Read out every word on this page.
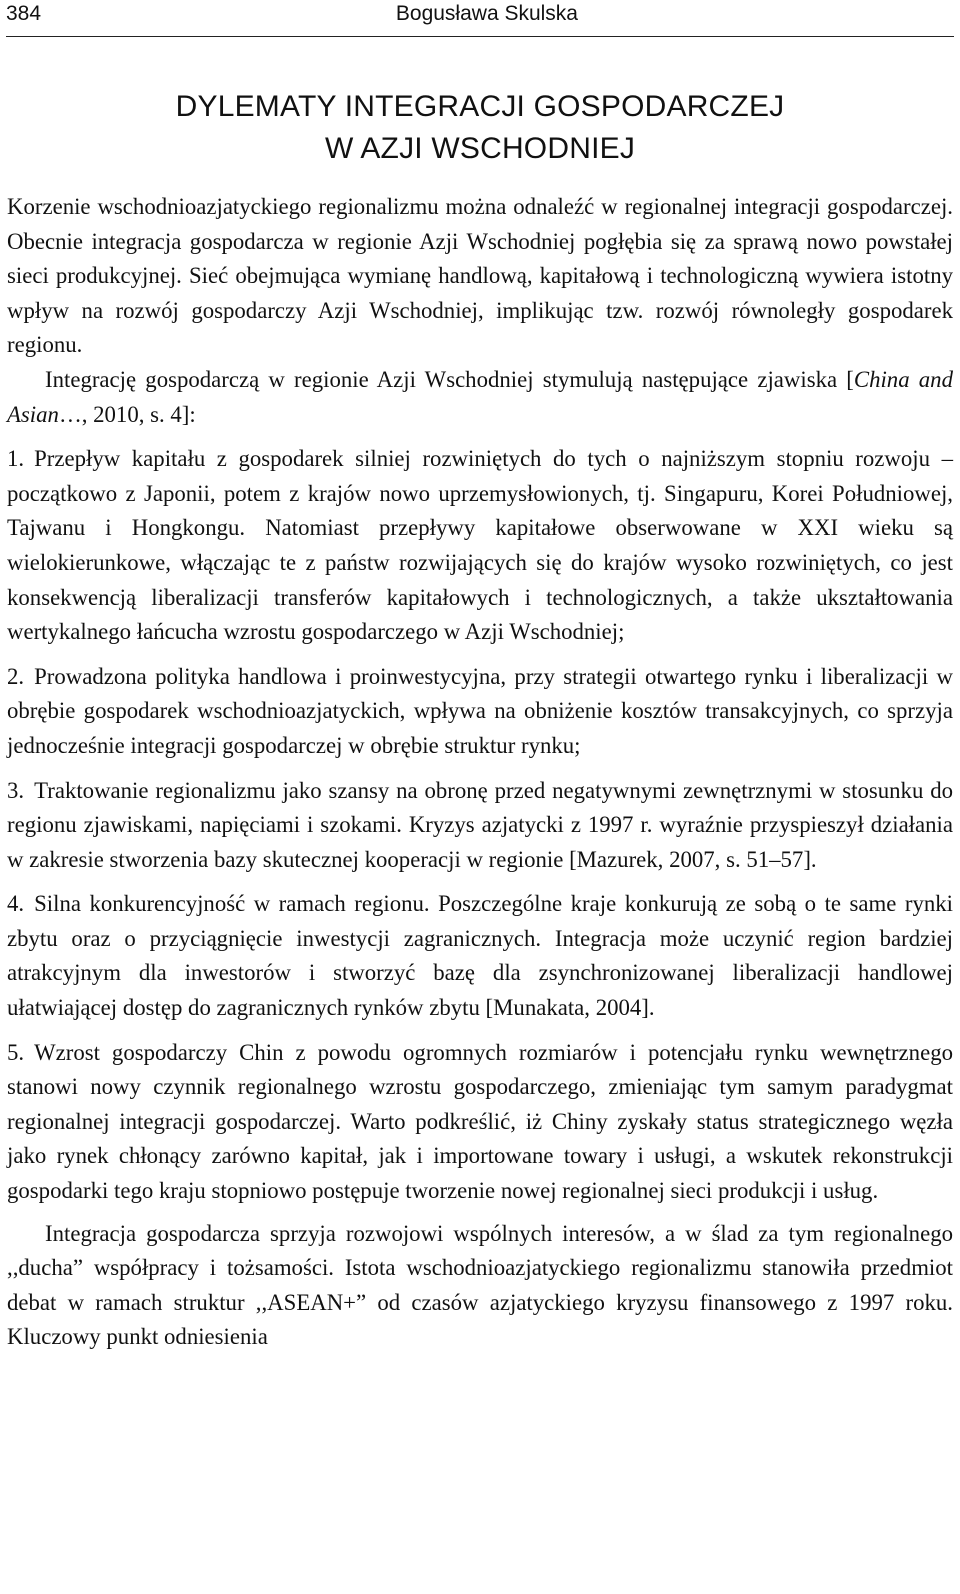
384	Bogusława Skulska
DYLEMATY INTEGRACJI GOSPODARCZEJ
W AZJI WSCHODNIEJ

Korzenie wschodnioazjatyckiego regionalizmu można odnaleźć w regionalnej integracji gospodarczej. Obecnie integracja gospodarcza w regionie Azji Wschodniej pogłębia się za sprawą nowo powstałej sieci produkcyjnej. Sieć obejmująca wymianę handlową, kapitałową i technologiczną wywiera istotny wpływ na rozwój gospodarczy Azji Wschodniej, implikując tzw. rozwój równoległy gospodarek regionu.

Integrację gospodarczą w regionie Azji Wschodniej stymulują następujące zjawiska [China and Asian…, 2010, s. 4]:

1. Przepływ kapitału z gospodarek silniej rozwiniętych do tych o najniższym stopniu rozwoju – początkowo z Japonii, potem z krajów nowo uprzemysłowionych, tj. Singapuru, Korei Południowej, Tajwanu i Hongkongu. Natomiast przepływy kapitałowe obserwowane w XXI wieku są wielokierunkowe, włączając te z państw rozwijających się do krajów wysoko rozwiniętych, co jest konsekwencją liberalizacji transferów kapitałowych i technologicznych, a także ukształtowania wertykalnego łańcucha wzrostu gospodarczego w Azji Wschodniej;

2. Prowadzona polityka handlowa i proinwestycyjna, przy strategii otwartego rynku i liberalizacji w obrębie gospodarek wschodnioazjatyckich, wpływa na obniżenie kosztów transakcyjnych, co sprzyja jednocześnie integracji gospodarczej w obrębie struktur rynku;

3. Traktowanie regionalizmu jako szansy na obronę przed negatywnymi zewnętrznymi w stosunku do regionu zjawiskami, napięciami i szokami. Kryzys azjatycki z 1997 r. wyraźnie przyspieszył działania w zakresie stworzenia bazy skutecznej kooperacji w regionie [Mazurek, 2007, s. 51–57].

4. Silna konkurencyjność w ramach regionu. Poszczególne kraje konkurują ze sobą o te same rynki zbytu oraz o przyciągnięcie inwestycji zagranicznych. Integracja może uczynić region bardziej atrakcyjnym dla inwestorów i stworzyć bazę dla zsynchronizowanej liberalizacji handlowej ułatwiającej dostęp do zagranicznych rynków zbytu [Munakata, 2004].

5. Wzrost gospodarczy Chin z powodu ogromnych rozmiarów i potencjału rynku wewnętrznego stanowi nowy czynnik regionalnego wzrostu gospodarczego, zmieniając tym samym paradygmat regionalnej integracji gospodarczej. Warto podkreślić, iż Chiny zyskały status strategicznego węzła jako rynek chłonący zarówno kapitał, jak i importowane towary i usługi, a wskutek rekonstrukcji gospodarki tego kraju stopniowo postępuje tworzenie nowej regionalnej sieci produkcji i usług.

Integracja gospodarcza sprzyja rozwojowi wspólnych interesów, a w ślad za tym regionalnego ,,ducha” współpracy i tożsamości. Istota wschodnioazjatyckiego regionalizmu stanowiła przedmiot debat w ramach struktur ,,ASEAN+” od czasów azjatyckiego kryzysu finansowego z 1997 roku. Kluczowy punkt odniesienia
